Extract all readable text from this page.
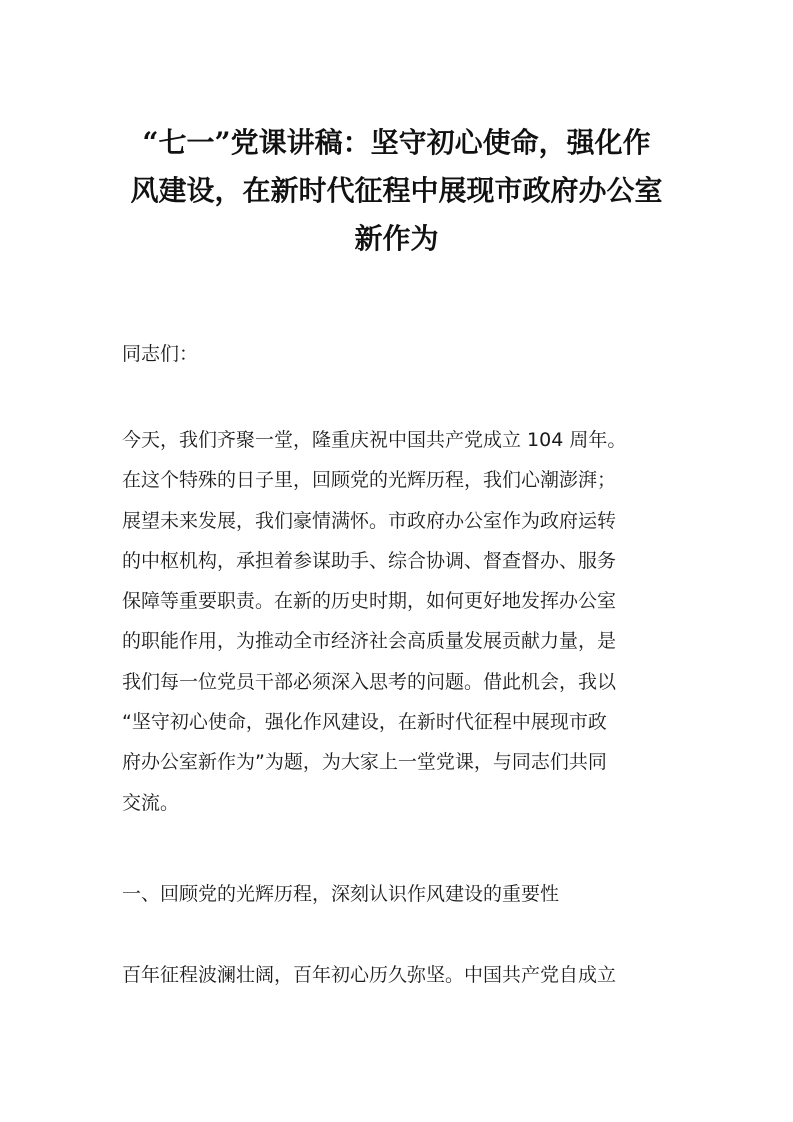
“七一”党课讲稿：坚守初心使命，强化作
风建设，在新时代征程中展现市政府办公室
新作为

同志们：

今天，我们齐聚一堂，隆重庆祝中国共产党成立 104 周年。
在这个特殊的日子里，回顾党的光辉历程，我们心潮澎湃；
展望未来发展，我们豪情满怀。市政府办公室作为政府运转
的中枢机构，承担着参谋助手、综合协调、督查督办、服务
保障等重要职责。在新的历史时期，如何更好地发挥办公室
的职能作用，为推动全市经济社会高质量发展贡献力量，是
我们每一位党员干部必须深入思考的问题。借此机会，我以
“坚守初心使命，强化作风建设，在新时代征程中展现市政
府办公室新作为”为题，为大家上一堂党课，与同志们共同
交流。

一、回顾党的光辉历程，深刻认识作风建设的重要性

百年征程波澜壮阔，百年初心历久弥坚。中国共产党自成立
